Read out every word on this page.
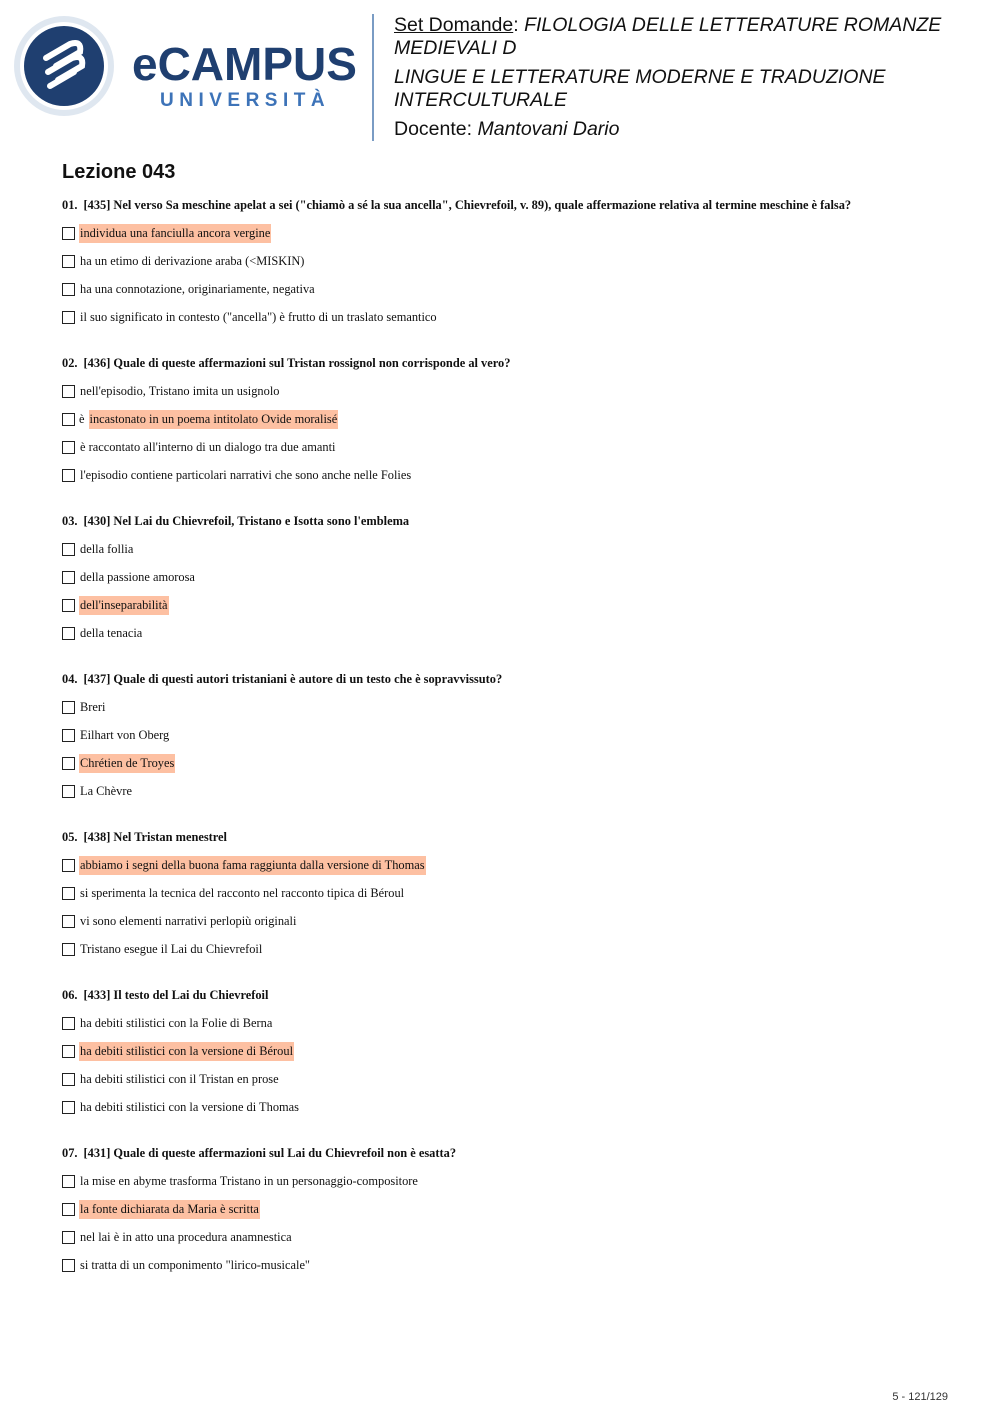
eCAMPUS
UNIVERSITÀ

Set Domande: FILOLOGIA DELLE LETTERATURE ROMANZE

MEDIEVALI D

LINGUE E LETTERATURE MODERNE E TRADUZIONE

INTERCULTURALE

Docente: Mantovani Dario

Lezione 043

01. [435] Nel verso Sa meschine apelat a sei ("chiamò a sé la sua ancella", Chievrefoil, v. 89), quale affermazione relativa al termine meschine è falsa?

individua una fanciulla ancora vergine
ha un etimo di derivazione araba (<MISKIN)
ha una connotazione, originariamente, negativa
il suo significato in contesto ("ancella") è frutto di un traslato semantico

02. [436] Quale di queste affermazioni sul Tristan rossignol non corrisponde al vero?

nell'episodio, Tristano imita un usignolo
è incastonato in un poema intitolato Ovide moralisé
è raccontato all'interno di un dialogo tra due amanti
l'episodio contiene particolari narrativi che sono anche nelle Folies

03. [430] Nel Lai du Chievrefoil, Tristano e Isotta sono l'emblema

della follia
della passione amorosa
dell'inseparabilità
della tenacia

04. [437] Quale di questi autori tristaniani è autore di un testo che è sopravvissuto?

Breri
Eilhart von Oberg
Chrétien de Troyes
La Chèvre

05. [438] Nel Tristan menestrel

abbiamo i segni della buona fama raggiunta dalla versione di Thomas
si sperimenta la tecnica del racconto nel racconto tipica di Béroul
vi sono elementi narrativi perlopiù originali
Tristano esegue il Lai du Chievrefoil

06. [433] Il testo del Lai du Chievrefoil

ha debiti stilistici con la Folie di Berna
ha debiti stilistici con la versione di Béroul
ha debiti stilistici con il Tristan en prose
ha debiti stilistici con la versione di Thomas

07. [431] Quale di queste affermazioni sul Lai du Chievrefoil non è esatta?

la mise en abyme trasforma Tristano in un personaggio-compositore
la fonte dichiarata da Maria è scritta
nel lai è in atto una procedura anamnestica
si tratta di un componimento "lirico-musicale"
5 - 121/129
